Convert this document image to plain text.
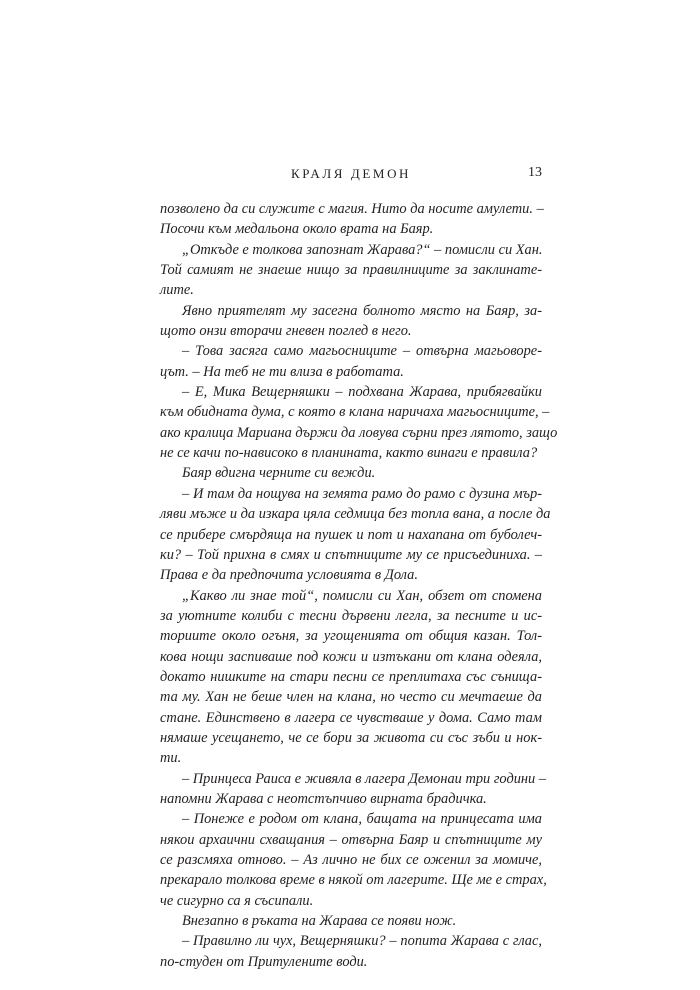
КРАЛЯ ДЕМОН	13
позволено да си служите с магия. Нито да носите амулети. –
Посочи към медальона около врата на Баяр.
„Откъде е толкова запознат Жарава?“ – помисли си Хан.
Той самият не знаеше нищо за правилниците за заклинате-
лите.
Явно приятелят му засегна болното място на Баяр, за-
щото онзи вторачи гневен поглед в него.
– Това засяга само магьосниците – отвърна магьоворе-
цът. – На теб не ти влиза в работата.
– Е, Мика Вещерняшки – подхвана Жарава, прибягвайки
към обидната дума, с която в клана наричаха магьосниците, –
ако кралица Мариана държи да ловува сърни през лятото, защо
не се качи по-нависоко в планината, както винаги е правила?
Баяр вдигна черните си вежди.
– И там да нощува на земята рамо до рамо с дузина мър-
ляви мъже и да изкара цяла седмица без топла вана, а после да
се прибере смърдяща на пушек и пот и нахапана от буболеч-
ки? – Той прихна в смях и спътниците му се присъединиха. –
Права е да предпочита условията в Дола.
„Какво ли знае той“, помисли си Хан, обзет от спомена
за уютните колиби с тесни дървени легла, за песните и ис-
ториите около огъня, за угощенията от общия казан. Тол-
кова нощи заспиваше под кожи и изтъкани от клана одеяла,
докато нишките на стари песни се преплитаха със сънища-
та му. Хан не беше член на клана, но често си мечтаеше да
стане. Единствено в лагера се чувстваше у дома. Само там
нямаше усещането, че се бори за живота си със зъби и нок-
ти.
– Принцеса Раиса е живяла в лагера Демонаи три години –
напомни Жарава с неотстъпчиво вирната брадичка.
– Понеже е родом от клана, бащата на принцесата има
някои архаични схващания – отвърна Баяр и спътниците му
се разсмяха отново. – Аз лично не бих се оженил за момиче,
прекарало толкова време в някой от лагерите. Ще ме е страх,
че сигурно са я съсипали.
Внезапно в ръката на Жарава се появи нож.
– Правилно ли чух, Вещерняшки? – попита Жарава с глас,
по-студен от Притулените води.
